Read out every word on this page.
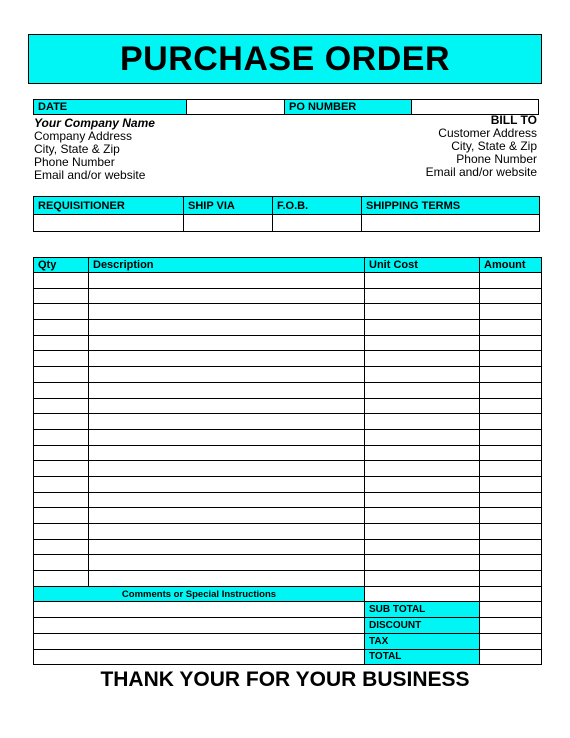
PURCHASE ORDER
DATE		PO NUMBER	
Your Company Name
Company Address
City, State & Zip
Phone Number
Email and/or website
BILL TO
Customer Address
City, State & Zip
Phone Number
Email and/or website
REQUISITIONER	SHIP VIA	F.O.B.	SHIPPING TERMS

Qty	Description	Unit Cost	Amount

Comments or Special Instructions			
		SUB TOTAL	
		DISCOUNT	
		TAX	
		TOTAL	
THANK YOUR FOR YOUR BUSINESS
